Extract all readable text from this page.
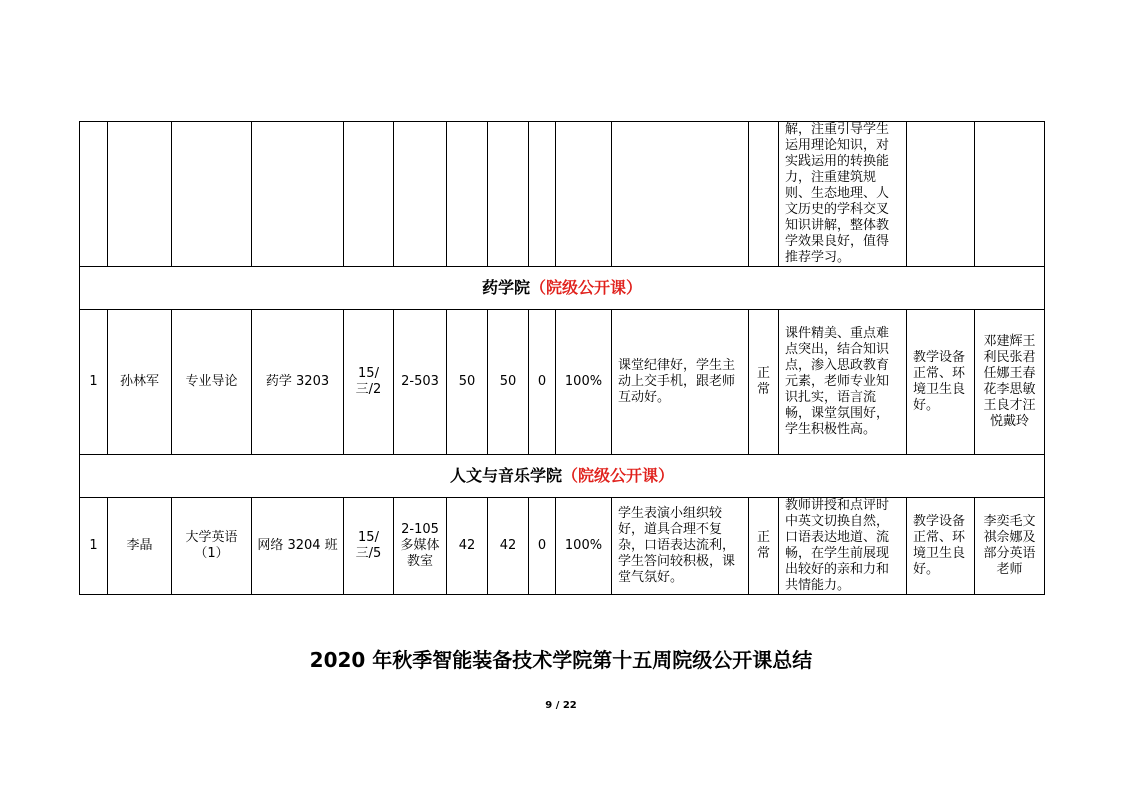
												解，注重引导学生运用理论知识，对实践运用的转换能力，注重建筑规则、生态地理、人文历史的学科交叉知识讲解，整体教学效果良好，值得推荐学习。		
药学院（院级公开课）														
1	孙林军	专业导论	药学 3203	15/三/2	2-503	50	50	0	100%	课堂纪律好，学生主动上交手机，跟老师互动好。	正常	课件精美、重点难点突出，结合知识点，渗入思政教育元素，老师专业知识扎实，语言流畅，课堂氛围好，学生积极性高。	教学设备正常、环境卫生良好。	邓建辉王利民张君任娜王春花李思敏王良才汪悦戴玲
人文与音乐学院（院级公开课）														
1	李晶	大学英语（1）	网络 3204 班	15/三/5	2-105 多媒体教室	42	42	0	100%	学生表演小组织较好，道具合理不复杂，口语表达流利，学生答问较积极，课堂气氛好。	正常	教师讲授和点评时中英文切换自然，口语表达地道、流畅，在学生前展现出较好的亲和力和共情能力。	教学设备正常、环境卫生良好。	李奕毛文祺佘娜及部分英语老师
2020 年秋季智能装备技术学院第十五周院级公开课总结
9 / 22
